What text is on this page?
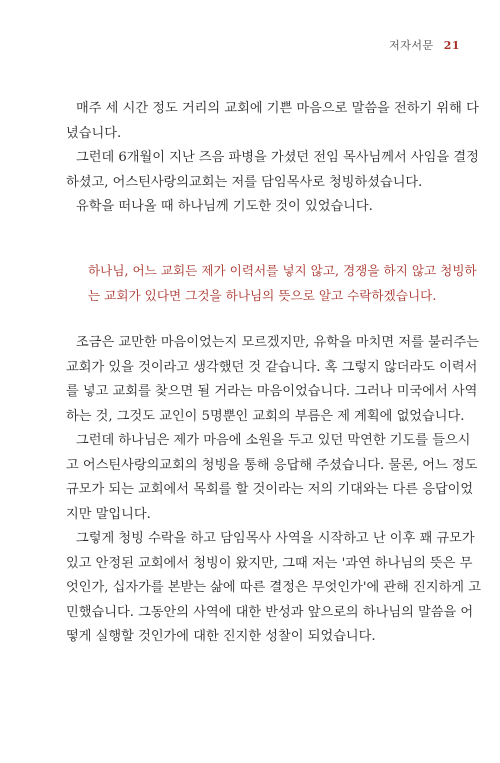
저자서문 21
매주 세 시간 정도 거리의 교회에 기쁜 마음으로 말씀을 전하기 위해 다
녔습니다.
그런데 6개월이 지난 즈음 파병을 가셨던 전임 목사님께서 사임을 결정
하셨고, 어스틴사랑의교회는 저를 담임목사로 청빙하셨습니다.
유학을 떠나올 때 하나님께 기도한 것이 있었습니다.
하나님, 어느 교회든 제가 이력서를 넣지 않고, 경쟁을 하지 않고 청빙하
는 교회가 있다면 그것을 하나님의 뜻으로 알고 수락하겠습니다.
조금은 교만한 마음이었는지 모르겠지만, 유학을 마치면 저를 불러주는
교회가 있을 것이라고 생각했던 것 같습니다. 혹 그렇지 않더라도 이력서
를 넣고 교회를 찾으면 될 거라는 마음이었습니다. 그러나 미국에서 사역
하는 것, 그것도 교인이 5명뿐인 교회의 부름은 제 계획에 없었습니다.
그런데 하나님은 제가 마음에 소원을 두고 있던 막연한 기도를 들으시
고 어스틴사랑의교회의 청빙을 통해 응답해 주셨습니다. 물론, 어느 정도
규모가 되는 교회에서 목회를 할 것이라는 저의 기대와는 다른 응답이었
지만 말입니다.
그렇게 청빙 수락을 하고 담임목사 사역을 시작하고 난 이후 꽤 규모가
있고 안정된 교회에서 청빙이 왔지만, 그때 저는 '과연 하나님의 뜻은 무
엇인가, 십자가를 본받는 삶에 따른 결정은 무엇인가'에 관해 진지하게 고
민했습니다. 그동안의 사역에 대한 반성과 앞으로의 하나님의 말씀을 어
떻게 실행할 것인가에 대한 진지한 성찰이 되었습니다.
